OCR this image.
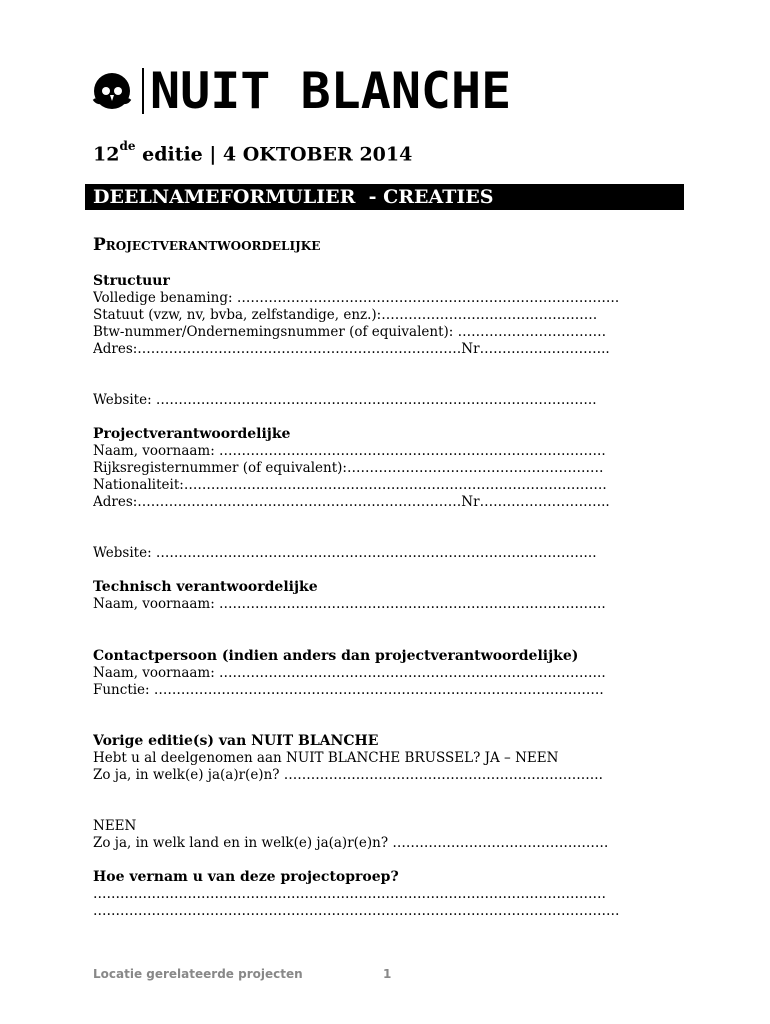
NUIT BLANCHE
12de editie | 4 OKTOBER 2014
DEELNAMEFORMULIER  - CREATIES
Projectverantwoordelijke
Structuur
Volledige benaming: ………………………………………………………………………….
Statuut (vzw, nv, bvba, zelfstandige, enz.):…………………………………………
Btw-nummer/Ondernemingsnummer (of equivalent): ……………………………
Adres:………………………………………………………………Nr………………………..
Website: ……………………………………………………………………………………..
Projectverantwoordelijke
Naam, voornaam: …………………………………………………………………………..
Rijksregisternummer (of equivalent):…………………………………………………
Nationaliteit:………………………………………………………………………………….
Adres:………………………………………………………………Nr………………………..
Website: ……………………………………………………………………………………..
Technisch verantwoordelijke
Naam, voornaam: …………………………………………………………………………..
Contactpersoon (indien anders dan projectverantwoordelijke)
Naam, voornaam: …………………………………………………………………………..
Functie: ……………………………………………………………………………………….
Vorige editie(s) van NUIT BLANCHE
Hebt u al deelgenomen aan NUIT BLANCHE BRUSSEL? JA – NEEN
Zo ja, in welk(e) ja(a)r(e)n? ……………………………………………………………..
NEEN
Zo ja, in welk land en in welk(e) ja(a)r(e)n? …………………………………………
Hoe vernam u van deze projectoproep?
……………………………………………………………………………………………………
………………………………………………………………………………………………………
Locatie gerelateerde projecten	1
